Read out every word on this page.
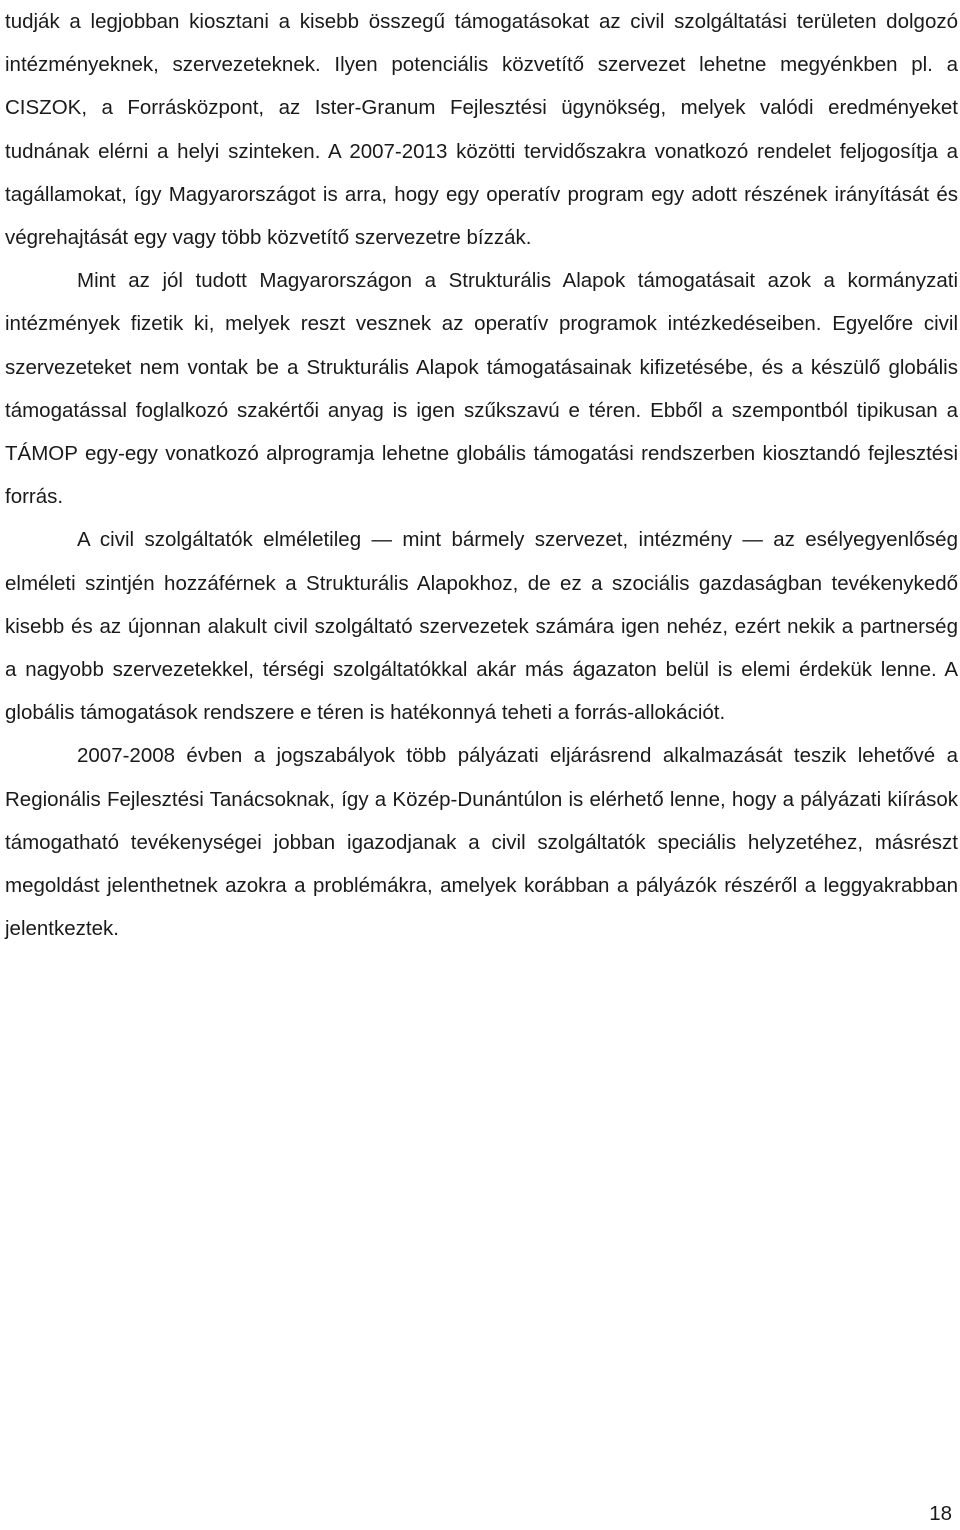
tudják a legjobban kiosztani a kisebb összegű támogatásokat az civil szolgáltatási területen dolgozó intézményeknek, szervezeteknek. Ilyen potenciális közvetítő szervezet lehetne megyénkben pl. a CISZOK, a Forrásközpont, az Ister-Granum Fejlesztési ügynökség, melyek valódi eredményeket tudnának elérni a helyi szinteken. A 2007-2013 közötti tervidőszakra vonatkozó rendelet feljogosítja a tagállamokat, így Magyarországot is arra, hogy egy operatív program egy adott részének irányítását és végrehajtását egy vagy több közvetítő szervezetre bízzák.

Mint az jól tudott Magyarországon a Strukturális Alapok támogatásait azok a kormányzati intézmények fizetik ki, melyek reszt vesznek az operatív programok intézkedéseiben. Egyelőre civil szervezeteket nem vontak be a Strukturális Alapok támogatásainak kifizetésébe, és a készülő globális támogatással foglalkozó szakértői anyag is igen szűkszavú e téren. Ebből a szempontból tipikusan a TÁMOP egy-egy vonatkozó alprogramja lehetne globális támogatási rendszerben kiosztandó fejlesztési forrás.

A civil szolgáltatók elméletileg ― mint bármely szervezet, intézmény ― az esélyegyenlőség elméleti szintjén hozzáférnek a Strukturális Alapokhoz, de ez a szociális gazdaságban tevékenykedő kisebb és az újonnan alakult civil szolgáltató szervezetek számára igen nehéz, ezért nekik a partnerség a nagyobb szervezetekkel, térségi szolgáltatókkal akár más ágazaton belül is elemi érdekük lenne. A globális támogatások rendszere e téren is hatékonnyá teheti a forrás-allokációt.

2007-2008 évben a jogszabályok több pályázati eljárásrend alkalmazását teszik lehetővé a Regionális Fejlesztési Tanácsoknak, így a Közép-Dunántúlon is elérhető lenne, hogy a pályázati kiírások támogatható tevékenységei jobban igazodjanak a civil szolgáltatók speciális helyzetéhez, másrészt megoldást jelenthetnek azokra a problémákra, amelyek korábban a pályázók részéről a leggyakrabban jelentkeztek.

18
